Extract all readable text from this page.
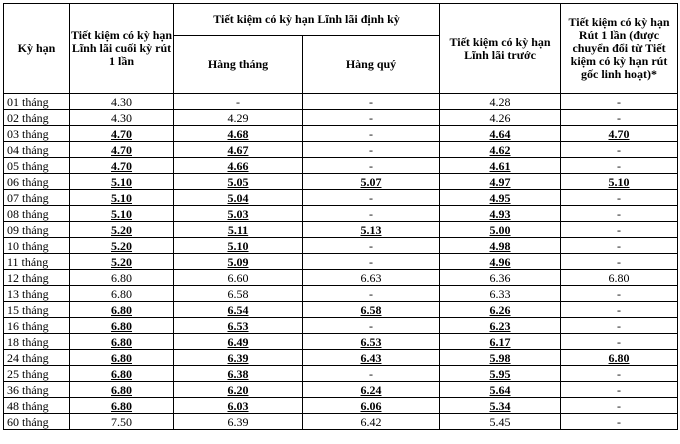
Kỳ hạn	Tiết kiệm có kỳ hạn Lĩnh lãi cuối kỳ rút 1 lần	Tiết kiệm có kỳ hạn Lĩnh lãi định kỳ		Tiết kiệm có kỳ hạn Lĩnh lãi trước	Tiết kiệm có kỳ hạn Rút 1 lần (được chuyển đổi từ Tiết kiệm có kỳ hạn rút gốc linh hoạt)*
		Hàng tháng	Hàng quý		
01 tháng	4.30	-	-	4.28	-
02 tháng	4.30	4.29	-	4.26	-
03 tháng	4.70	4.68	-	4.64	4.70
04 tháng	4.70	4.67	-	4.62	-
05 tháng	4.70	4.66	-	4.61	-
06 tháng	5.10	5.05	5.07	4.97	5.10
07 tháng	5.10	5.04	-	4.95	-
08 tháng	5.10	5.03	-	4.93	-
09 tháng	5.20	5.11	5.13	5.00	-
10 tháng	5.20	5.10	-	4.98	-
11 tháng	5.20	5.09	-	4.96	-
12 tháng	6.80	6.60	6.63	6.36	6.80
13 tháng	6.80	6.58	-	6.33	-
15 tháng	6.80	6.54	6.58	6.26	-
16 tháng	6.80	6.53	-	6.23	-
18 tháng	6.80	6.49	6.53	6.17	-
24 tháng	6.80	6.39	6.43	5.98	6.80
25 tháng	6.80	6.38	-	5.95	-
36 tháng	6.80	6.20	6.24	5.64	-
48 tháng	6.80	6.03	6.06	5.34	-
60 tháng	7.50	6.39	6.42	5.45	-
